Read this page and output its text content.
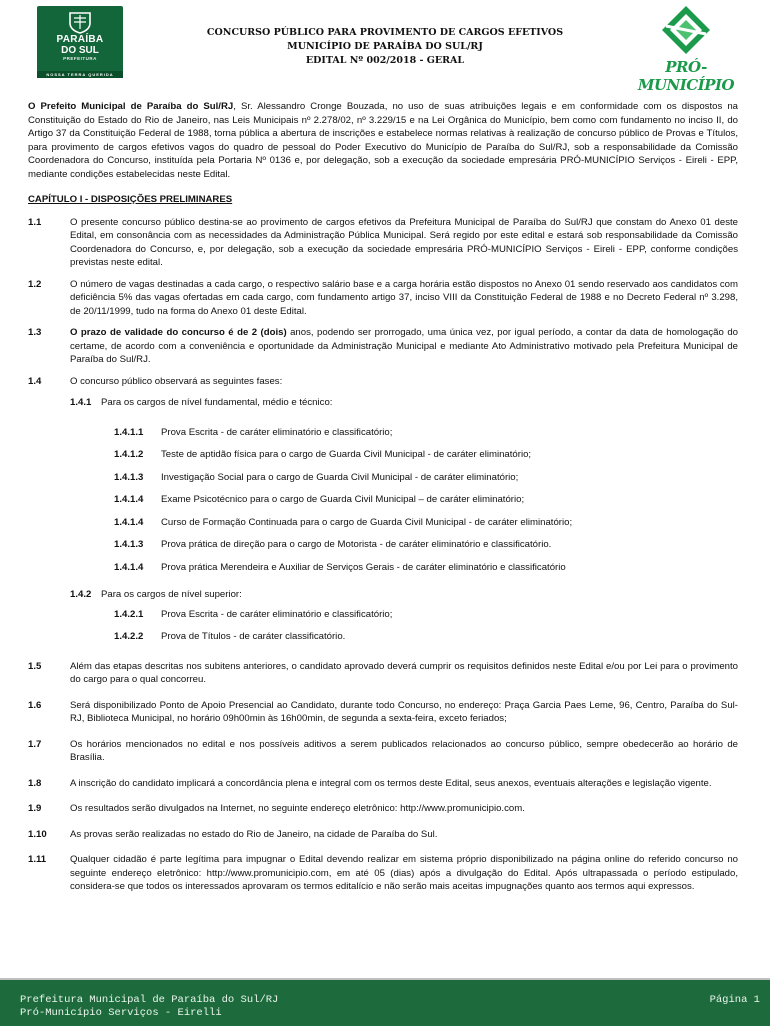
PARAÍBA
DO SUL
PREFEITURA
NOSSA TERRA QUERIDA
CONCURSO PÚBLICO PARA PROVIMENTO DE CARGOS EFETIVOS
MUNICÍPIO DE PARAÍBA DO SUL/RJ
EDITAL Nº 002/2018 - GERAL	PRÓ-MUNICÍPIO

O Prefeito Municipal de Paraíba do Sul/RJ, Sr. Alessandro Cronge Bouzada, no uso de suas atribuições legais e em conformidade com os dispostos na Constituição do Estado do Rio de Janeiro, nas Leis Municipais nº 2.278/02, nº 3.229/15 e na Lei Orgânica do Município, bem como com fundamento no inciso II, do Artigo 37 da Constituição Federal de 1988, torna pública a abertura de inscrições e estabelece normas relativas à realização de concurso público de Provas e Títulos, para provimento de cargos efetivos vagos do quadro de pessoal do Poder Executivo do Município de Paraíba do Sul/RJ, sob a responsabilidade da Comissão Coordenadora do Concurso, instituída pela Portaria Nº 0136 e, por delegação, sob a execução da sociedade empresária PRÓ-MUNICÍPIO Serviços - Eireli - EPP, mediante condições estabelecidas neste Edital.

CAPÍTULO I - DISPOSIÇÕES PRELIMINARES
1.1	O presente concurso público destina-se ao provimento de cargos efetivos da Prefeitura Municipal de Paraíba do Sul/RJ que constam do Anexo 01 deste Edital, em consonância com as necessidades da Administração Pública Municipal. Será regido por este edital e estará sob responsabilidade da Comissão Coordenadora do Concurso, e, por delegação, sob a execução da sociedade empresária PRÓ-MUNICÍPIO Serviços - Eireli - EPP, conforme condições previstas neste edital.
1.2	O número de vagas destinadas a cada cargo, o respectivo salário base e a carga horária estão dispostos no Anexo 01 sendo reservado aos candidatos com deficiência 5% das vagas ofertadas em cada cargo, com fundamento artigo 37, inciso VIII da Constituição Federal de 1988 e no Decreto Federal nº 3.298, de 20/11/1999, tudo na forma do Anexo 01 deste Edital.
1.3	O prazo de validade do concurso é de 2 (dois) anos, podendo ser prorrogado, uma única vez, por igual período, a contar da data de homologação do certame, de acordo com a conveniência e oportunidade da Administração Municipal e mediante Ato Administrativo motivado pela Prefeitura Municipal de Paraíba do Sul/RJ.
1.4	O concurso público observará as seguintes fases:
1.4.1 Para os cargos de nível fundamental, médio e técnico:
1.4.1.1 Prova Escrita - de caráter eliminatório e classificatório;
1.4.1.2 Teste de aptidão física para o cargo de Guarda Civil Municipal - de caráter eliminatório;
1.4.1.3 Investigação Social para o cargo de Guarda Civil Municipal - de caráter eliminatório;
1.4.1.4 Exame Psicotécnico para o cargo de Guarda Civil Municipal – de caráter eliminatório;
1.4.1.4 Curso de Formação Continuada para o cargo de Guarda Civil Municipal - de caráter eliminatório;
1.4.1.3 Prova prática de direção para o cargo de Motorista - de caráter eliminatório e classificatório.
1.4.1.4 Prova prática Merendeira e Auxiliar de Serviços Gerais - de caráter eliminatório e classificatório
1.4.2 Para os cargos de nível superior:
1.4.2.1 Prova Escrita - de caráter eliminatório e classificatório;
1.4.2.2 Prova de Títulos - de caráter classificatório.
1.5	Além das etapas descritas nos subitens anteriores, o candidato aprovado deverá cumprir os requisitos definidos neste Edital e/ou por Lei para o provimento do cargo para o qual concorreu.
1.6	Será disponibilizado Ponto de Apoio Presencial ao Candidato, durante todo Concurso, no endereço: Praça Garcia Paes Leme, 96, Centro, Paraíba do Sul-RJ, Biblioteca Municipal, no horário 09h00min às 16h00min, de segunda a sexta-feira, exceto feriados;
1.7	Os horários mencionados no edital e nos possíveis aditivos a serem publicados relacionados ao concurso público, sempre obedecerão ao horário de Brasília.
1.8	A inscrição do candidato implicará a concordância plena e integral com os termos deste Edital, seus anexos, eventuais alterações e legislação vigente.
1.9	Os resultados serão divulgados na Internet, no seguinte endereço eletrônico: http://www.promunicipio.com.
1.10 As provas serão realizadas no estado do Rio de Janeiro, na cidade de Paraíba do Sul.
1.11 Qualquer cidadão é parte legítima para impugnar o Edital devendo realizar em sistema próprio disponibilizado na página online do referido concurso no seguinte endereço eletrônico: http://www.promunicipio.com, em até 05 (dias) após a divulgação do Edital. Após ultrapassada o período estipulado, considera-se que todos os interessados aprovaram os termos editalício e não serão mais aceitas impugnações quanto aos termos aqui expressos.
Prefeitura Municipal de Paraíba do Sul/RJ
Pró-Município Serviços - Eirelli
Página 1
